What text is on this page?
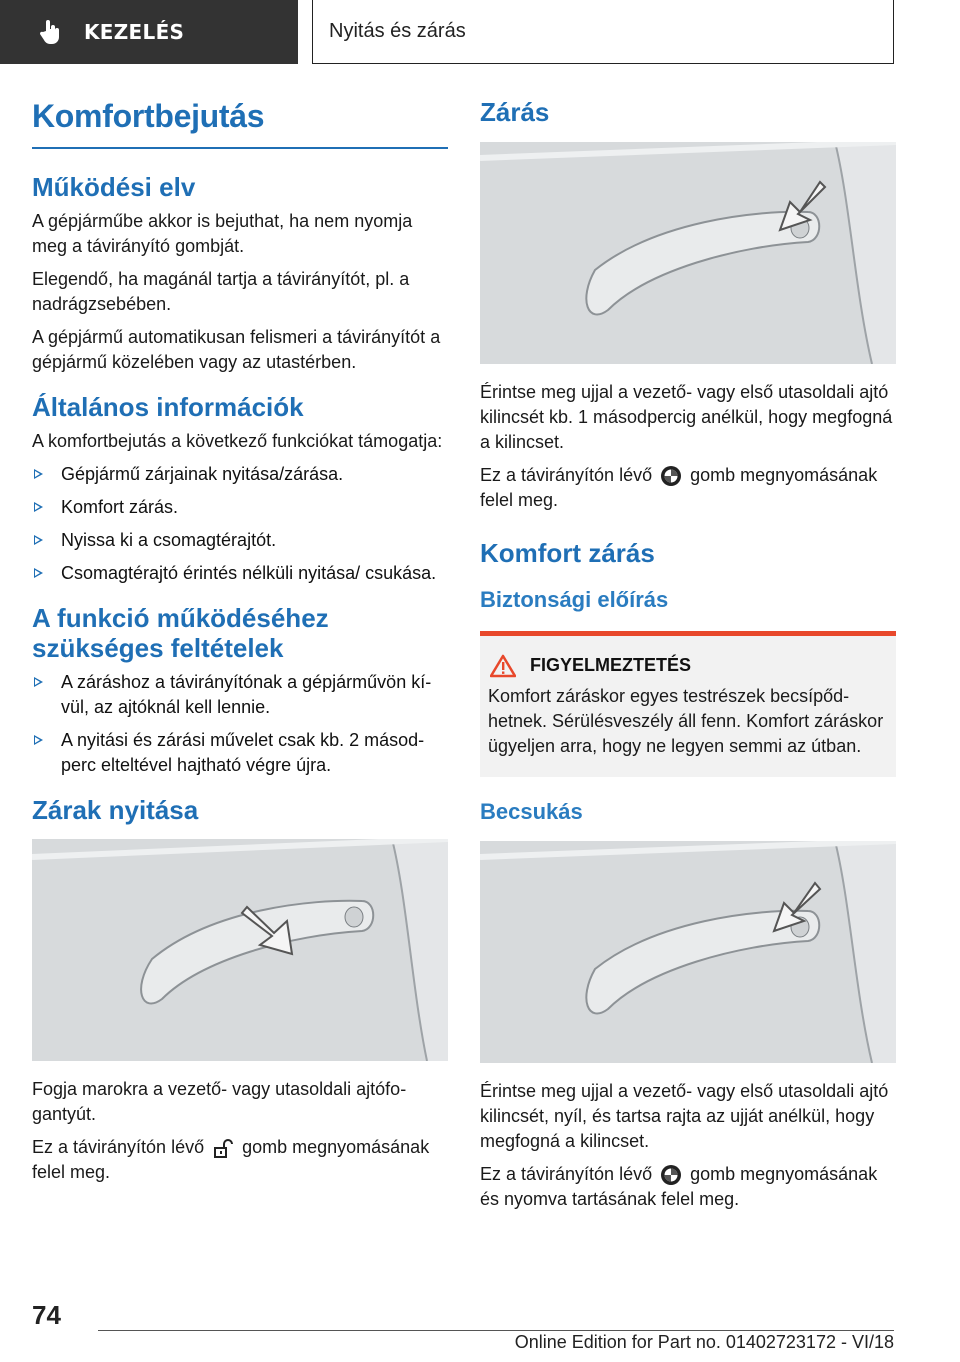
KEZELÉS	Nyitás és zárás
Komfortbejutás
Működési elv

A gépjárműbe akkor is bejuthat, ha nem nyomja meg a távirányító gombját.

Elegendő, ha magánál tartja a távirányítót, pl. a nadrágzsebében.

A gépjármű automatikusan felismeri a távirányítót a gépjármű közelében vagy az utastérben.

Általános információk

A komfortbejutás a következő funkciókat támogatja:

Gépjármű zárjainak nyitása/zárása.
Komfort zárás.
Nyissa ki a csomagtérajtót.
Csomagtérajtó érintés nélküli nyitása/ csukása.
A funkció működéséhez szükséges feltételek
A záráshoz a távirányítónak a gépjárművön kívül, az ajtóknál kell lennie.
A nyitási és zárási művelet csak kb. 2 másodperc elteltével hajtható végre újra.
Zárak nyitása

Fogja marokra a vezető- vagy utasoldali ajtófogantyút.

Ez a távirányítón lévő gomb megnyomásának felel meg.

Zárás

Érintse meg ujjal a vezető- vagy első utasoldali ajtó kilincsét kb. 1 másodpercig anélkül, hogy megfogná a kilincset.

Ez a távirányítón lévő gomb megnyomásának felel meg.

Komfort zárás
Biztonsági előírás
FIGYELMEZTETÉS

Komfort záráskor egyes testrészek becsípődhetnek. Sérülésveszély áll fenn. Komfort záráskor ügyeljen arra, hogy ne legyen semmi az útban.

Becsukás

Érintse meg ujjal a vezető- vagy első utasoldali ajtó kilincsét, nyíl, és tartsa rajta az ujját anélkül, hogy megfogná a kilincset.

Ez a távirányítón lévő gomb megnyomásának és nyomva tartásának felel meg.

74
Online Edition for Part no. 01402723172 - VI/18
